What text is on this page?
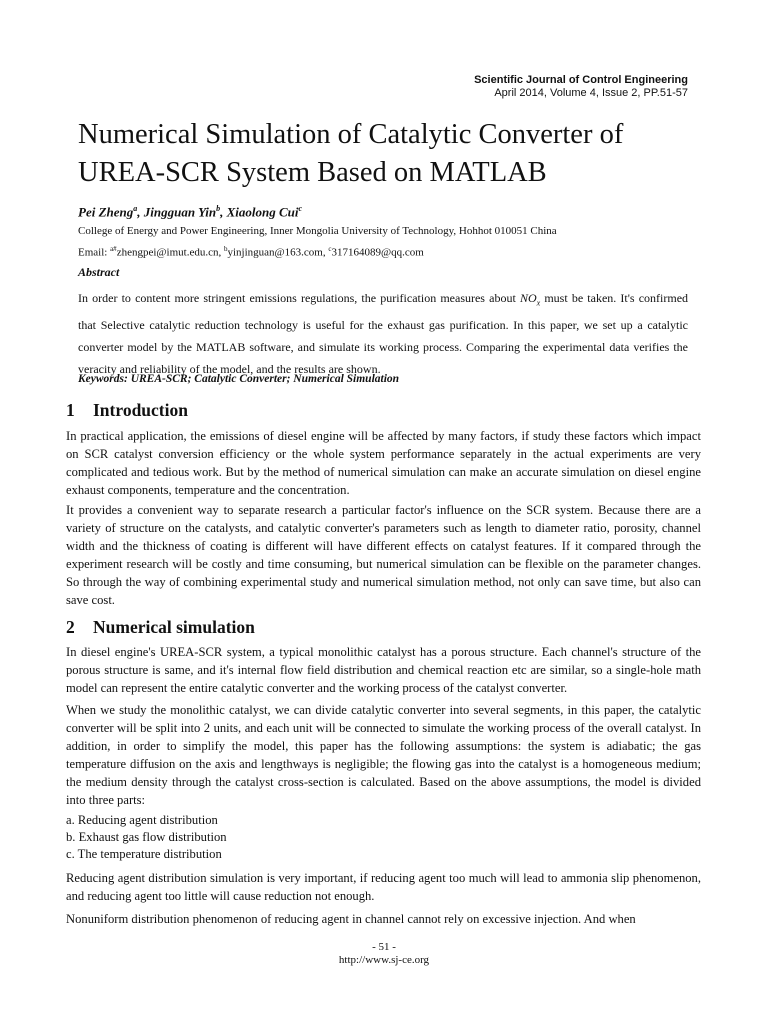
Scientific Journal of Control Engineering
April 2014, Volume 4, Issue 2, PP.51-57
Numerical Simulation of Catalytic Converter of UREA-SCR System Based on MATLAB
Pei Zheng$^a$, Jingguan Yin$^b$, Xiaolong Cui$^c$
College of Energy and Power Engineering, Inner Mongolia University of Technology, Hohhot 010051 China
Email: $^{a\#}$zhengpei@imut.edu.cn, $^b$yinjinguan@163.com, $^c$317164089@qq.com
Abstract

In order to content more stringent emissions regulations, the purification measures about $NO_x$ must be taken. It's confirmed that Selective catalytic reduction technology is useful for the exhaust gas purification. In this paper, we set up a catalytic converter model by the MATLAB software, and simulate its working process. Comparing the experimental data verifies the veracity and reliability of the model, and the results are shown.

Keywords: UREA-SCR; Catalytic Converter; Numerical Simulation
1 Introduction

In practical application, the emissions of diesel engine will be affected by many factors, if study these factors which impact on SCR catalyst conversion efficiency or the whole system performance separately in the actual experiments are very complicated and tedious work. But by the method of numerical simulation can make an accurate simulation on diesel engine exhaust components, temperature and the concentration.

It provides a convenient way to separate research a particular factor's influence on the SCR system. Because there are a variety of structure on the catalysts, and catalytic converter's parameters such as length to diameter ratio, porosity, channel width and the thickness of coating is different will have different effects on catalyst features. If it compared through the experiment research will be costly and time consuming, but numerical simulation can be flexible on the parameter changes. So through the way of combining experimental study and numerical simulation method, not only can save time, but also can save cost.

2 Numerical simulation

In diesel engine's UREA-SCR system, a typical monolithic catalyst has a porous structure. Each channel's structure of the porous structure is same, and it's internal flow field distribution and chemical reaction etc are similar, so a single-hole math model can represent the entire catalytic converter and the working process of the catalyst converter.

When we study the monolithic catalyst, we can divide catalytic converter into several segments, in this paper, the catalytic converter will be split into 2 units, and each unit will be connected to simulate the working process of the overall catalyst. In addition, in order to simplify the model, this paper has the following assumptions: the system is adiabatic; the gas temperature diffusion on the axis and lengthways is negligible; the flowing gas into the catalyst is a homogeneous medium; the medium density through the catalyst cross-section is calculated. Based on the above assumptions, the model is divided into three parts:

a. Reducing agent distribution
b. Exhaust gas flow distribution
c. The temperature distribution

Reducing agent distribution simulation is very important, if reducing agent too much will lead to ammonia slip phenomenon, and reducing agent too little will cause reduction not enough.

Nonuniform distribution phenomenon of reducing agent in channel cannot rely on excessive injection. And when

- 51 -
http://www.sj-ce.org
